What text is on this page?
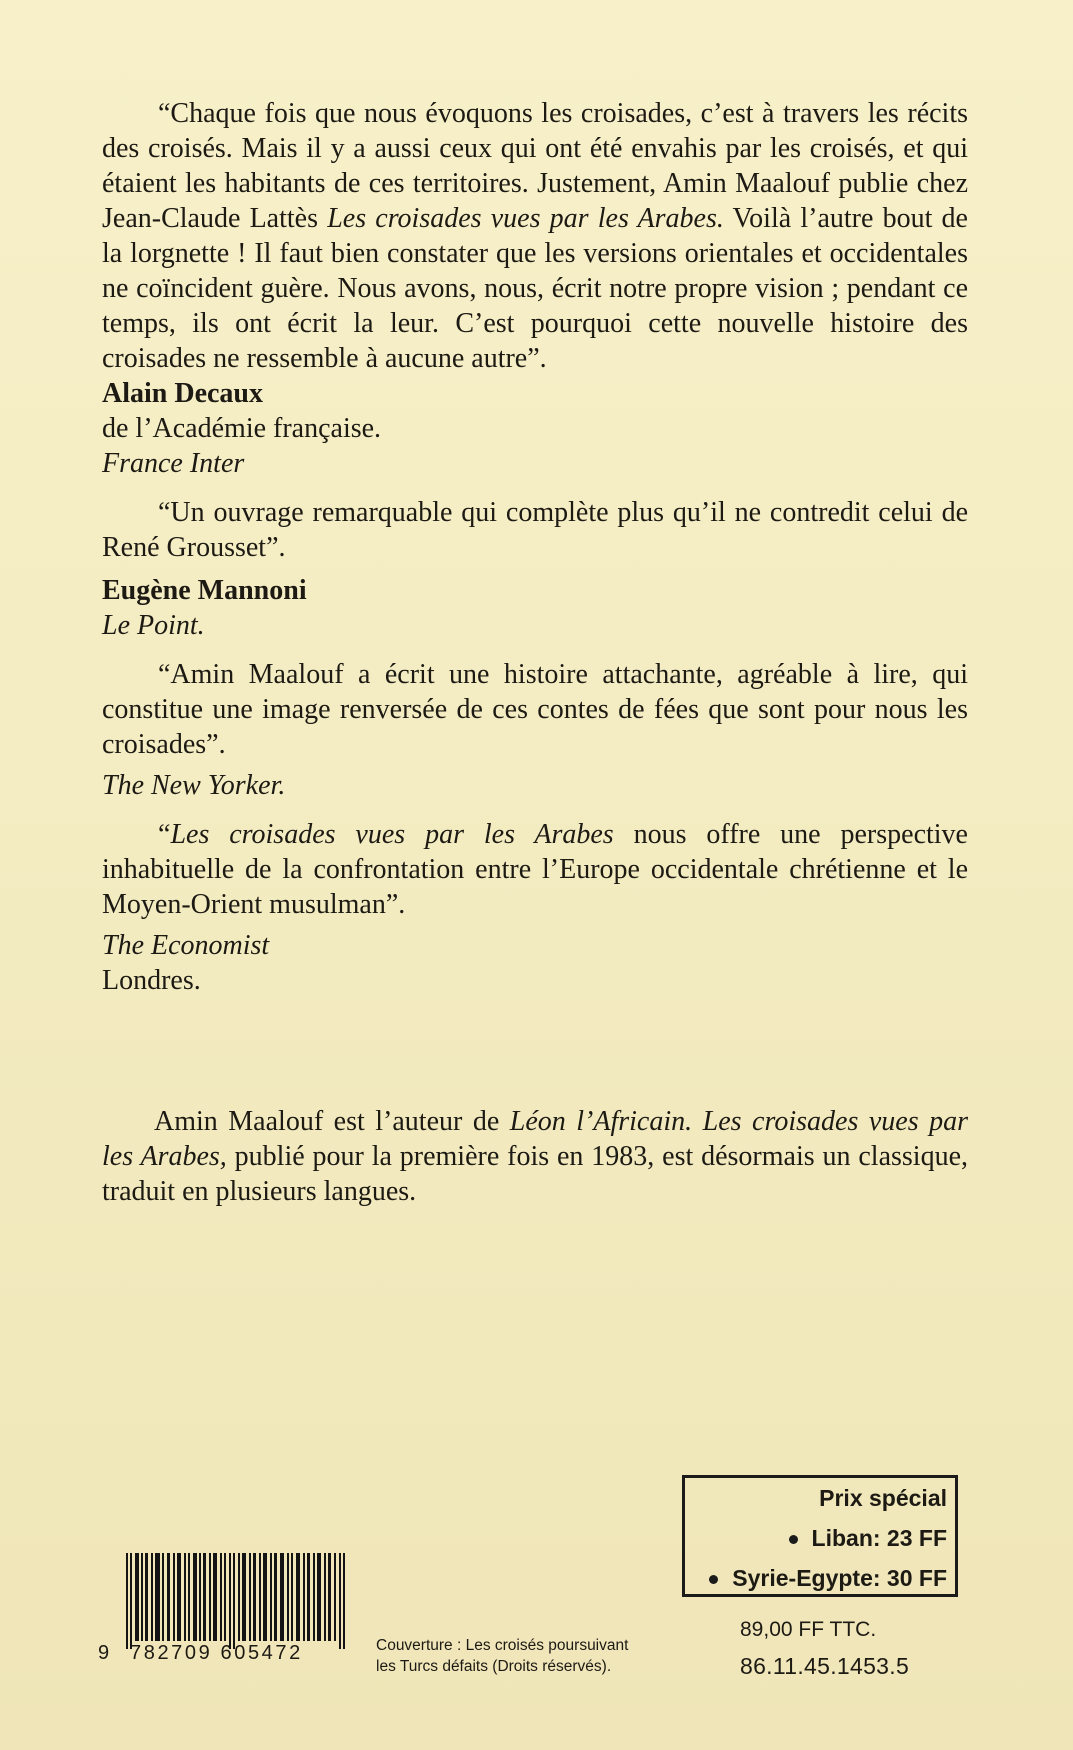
“Chaque fois que nous évoquons les croisades, c’est à travers les récits des croisés. Mais il y a aussi ceux qui ont été envahis par les croisés, et qui étaient les habitants de ces territoires. Justement, Amin Maalouf publie chez Jean-Claude Lattès Les croisades vues par les Arabes. Voilà l’autre bout de la lorgnette ! Il faut bien constater que les versions orientales et occidentales ne coïncident guère. Nous avons, nous, écrit notre propre vision ; pendant ce temps, ils ont écrit la leur. C’est pourquoi cette nouvelle histoire des croisades ne ressemble à aucune autre”.

Alain Decaux

de l’Académie française.

France Inter

“Un ouvrage remarquable qui complète plus qu’il ne contredit celui de René Grousset”.

Eugène Mannoni

Le Point.

“Amin Maalouf a écrit une histoire attachante, agréable à lire, qui constitue une image renversée de ces contes de fées que sont pour nous les croisades”.

The New Yorker.

“Les croisades vues par les Arabes nous offre une perspective inhabituelle de la confrontation entre l’Europe occidentale chrétienne et le Moyen-Orient musulman”.

The Economist

Londres.

Amin Maalouf est l’auteur de Léon l’Africain. Les croisades vues par les Arabes, publié pour la première fois en 1983, est désormais un classique, traduit en plusieurs langues.

Prix spécial
Liban: 23 FF
Syrie-Egypte: 30 FF
89,00 FF TTC.
86.11.45.1453.5
9 782709 605472	Couverture : Les croisés poursuivant
les Turcs défaits (Droits réservés).
